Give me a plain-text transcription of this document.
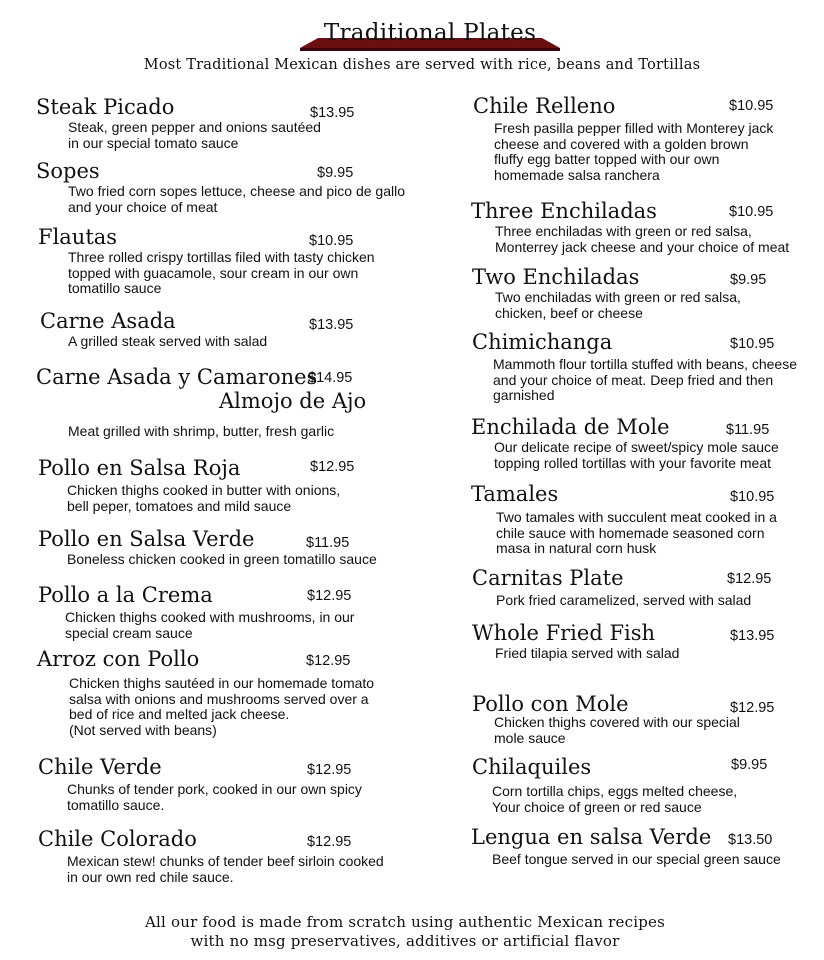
Traditional Plates
Most Traditional Mexican dishes are served with rice, beans and Tortillas
Steak Picado	$13.95
Steak, green pepper and onions sautéed
in our special tomato sauce
Sopes	$9.95
Two fried corn sopes lettuce, cheese and pico de gallo
and your choice of meat
Flautas	$10.95
Three rolled crispy tortillas filed with tasty chicken
topped with guacamole, sour cream in our own
tomatillo sauce
Carne Asada	$13.95
A grilled steak served with salad
Carne Asada y Camarones
Almojo de Ajo
$14.95
Meat grilled with shrimp, butter, fresh garlic
Pollo en Salsa Roja	$12.95
Chicken thighs cooked in butter with onions,
bell peper, tomatoes and mild sauce
Pollo en Salsa Verde	$11.95
Boneless chicken cooked in green tomatillo sauce
Pollo a la Crema	$12.95
Chicken thighs cooked with mushrooms, in our
special cream sauce
Arroz con Pollo	$12.95
Chicken thighs sautéed in our homemade tomato
salsa with onions and mushrooms served over a
bed of rice and melted jack cheese.
(Not served with beans)
Chile Verde	$12.95
Chunks of tender pork, cooked in our own spicy
tomatillo sauce.
Chile Colorado	$12.95
Mexican stew! chunks of tender beef sirloin cooked
in our own red chile sauce.
Chile Relleno	$10.95
Fresh pasilla pepper filled with Monterey jack
cheese and covered with a golden brown
fluffy egg batter topped with our own
homemade salsa ranchera
Three Enchiladas	$10.95
Three enchiladas with green or red salsa,
Monterrey jack cheese and your choice of meat
Two Enchiladas	$9.95
Two enchiladas with green or red salsa,
chicken, beef or cheese
Chimichanga	$10.95
Mammoth flour tortilla stuffed with beans, cheese
and your choice of meat. Deep fried and then
garnished
Enchilada de Mole	$11.95
Our delicate recipe of sweet/spicy mole sauce
topping rolled tortillas with your favorite meat
Tamales	$10.95
Two tamales with succulent meat cooked in a
chile sauce with homemade seasoned corn
masa in natural corn husk
Carnitas Plate	$12.95
Pork fried caramelized, served with salad
Whole Fried Fish	$13.95
Fried tilapia served with salad
Pollo con Mole	$12.95
Chicken thighs covered with our special
mole sauce
Chilaquiles	$9.95
Corn tortilla chips, eggs melted cheese,
Your choice of green or red sauce
Lengua en salsa Verde	$13.50
Beef tongue served in our special green sauce
All our food is made from scratch using authentic Mexican recipes
with no msg preservatives, additives or artificial flavor
